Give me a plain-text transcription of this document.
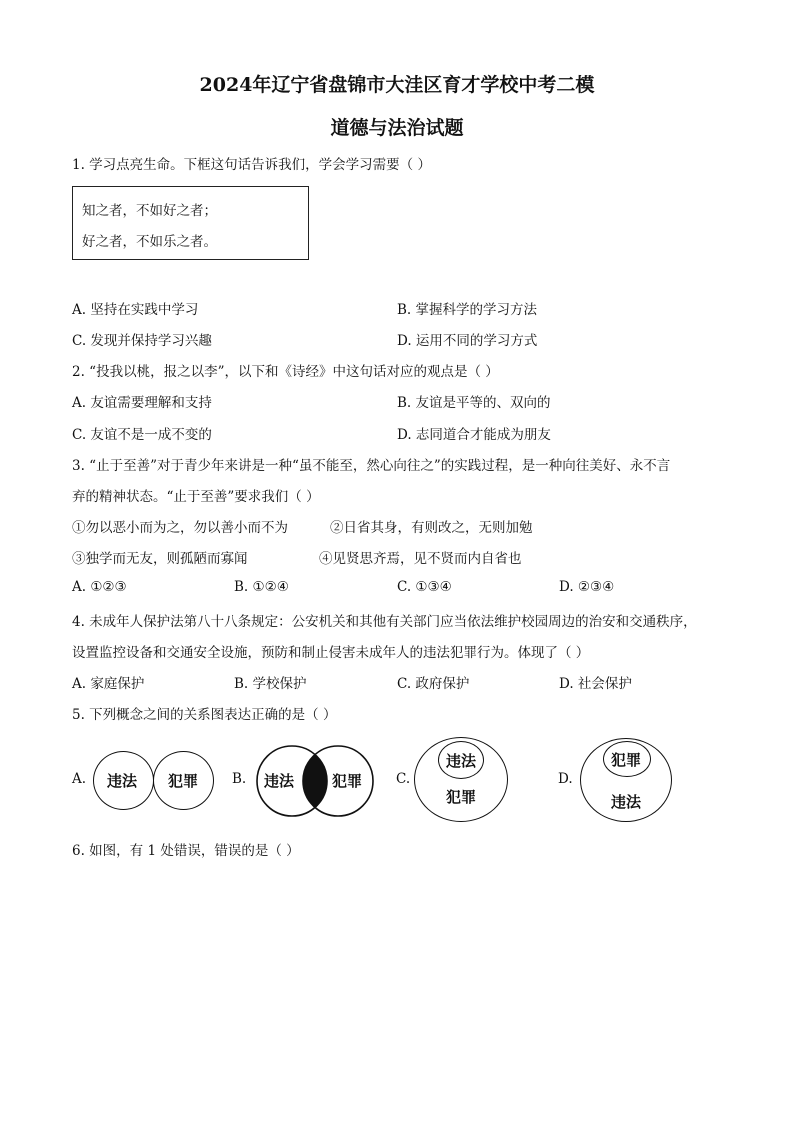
2024年辽宁省盘锦市大洼区育才学校中考二模
道德与法治试题
1. 学习点亮生命。下框这句话告诉我们，学会学习需要（ ）
知之者，不如好之者；
好之者，不如乐之者。
A. 坚持在实践中学习	B. 掌握科学的学习方法
C. 发现并保持学习兴趣	D. 运用不同的学习方式
2. “投我以桃，报之以李”，以下和《诗经》中这句话对应的观点是（ ）
A. 友谊需要理解和支持	B. 友谊是平等的、双向的
C. 友谊不是一成不变的	D. 志同道合才能成为朋友
3. “止于至善”对于青少年来讲是一种“虽不能至，然心向往之”的实践过程，是一种向往美好、永不言
弃的精神状态。“止于至善”要求我们（ ）
①勿以恶小而为之，勿以善小而不为	②日省其身，有则改之，无则加勉
③独学而无友，则孤陋而寡闻	④见贤思齐焉，见不贤而内自省也
A. ①②③	B. ①②④	C. ①③④	D. ②③④
4. 未成年人保护法第八十八条规定：公安机关和其他有关部门应当依法维护校园周边的治安和交通秩序，
设置监控设备和交通安全设施，预防和制止侵害未成年人的违法犯罪行为。体现了（ ）
A. 家庭保护	B. 学校保护	C. 政府保护	D. 社会保护
5. 下列概念之间的关系图表达正确的是（ ）
A. 违法 犯罪	B. 违法	犯罪	C.
违法
犯罪
D.
犯罪
违法
6. 如图，有 1 处错误，错误的是（ ）
